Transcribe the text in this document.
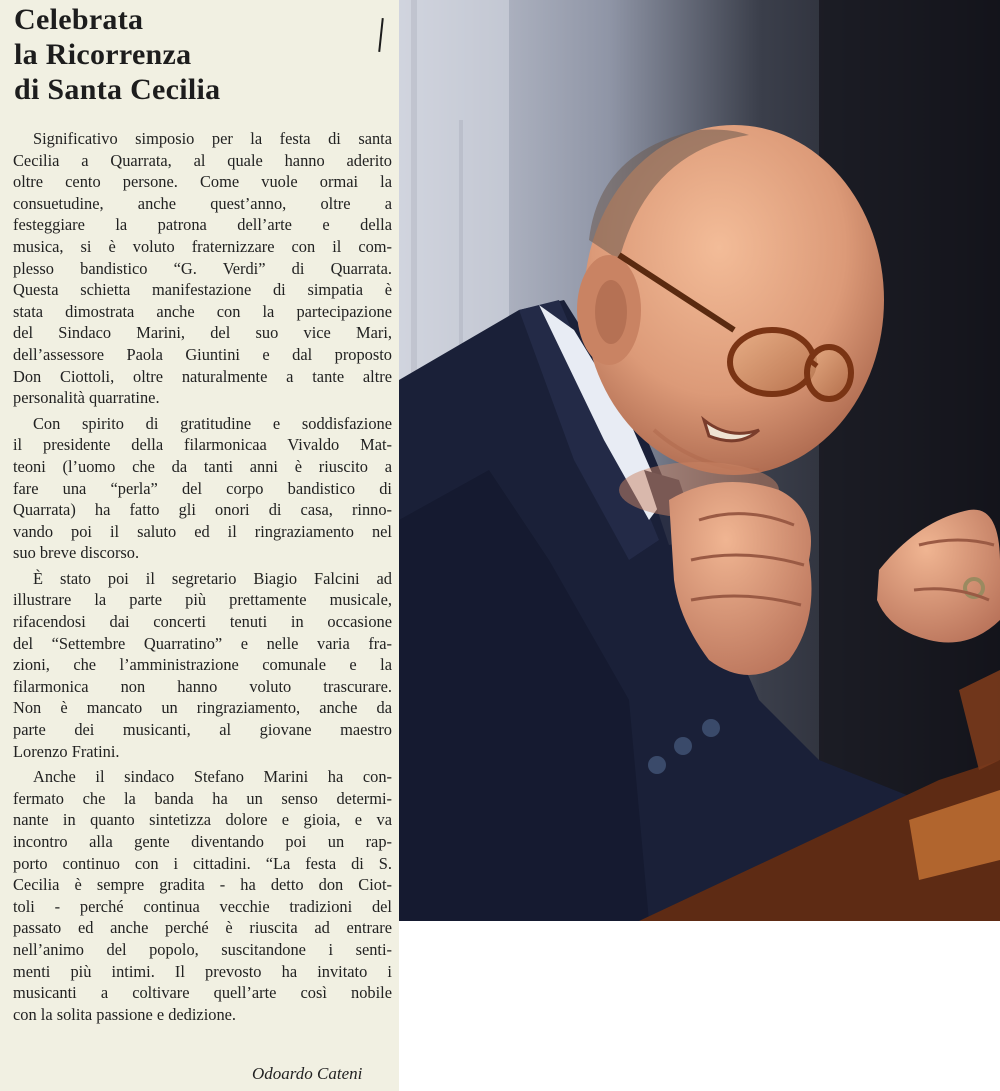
Celebrata
la Ricorrenza
di Santa Cecilia
Significativo simposio per la festa di santa
Cecilia a Quarrata, al quale hanno aderito
oltre cento persone. Come vuole ormai la
consuetudine, anche quest’anno, oltre a
festeggiare la patrona dell’arte e della
musica, si è voluto fraternizzare con il com-
plesso bandistico “G. Verdi” di Quarrata.
Questa schietta manifestazione di simpatia è
stata dimostrata anche con la partecipazione
del Sindaco Marini, del suo vice Mari,
dell’assessore Paola Giuntini e dal proposto
Don Ciottoli, oltre naturalmente a tante altre
personalità quarratine.
Con spirito di gratitudine e soddisfazione
il presidente della filarmonicaa Vivaldo Mat-
teoni (l’uomo che da tanti anni è riuscito a
fare una “perla” del corpo bandistico di
Quarrata) ha fatto gli onori di casa, rinno-
vando poi il saluto ed il ringraziamento nel
suo breve discorso.
È stato poi il segretario Biagio Falcini ad
illustrare la parte più prettamente musicale,
rifacendosi dai concerti tenuti in occasione
del “Settembre Quarratino” e nelle varia fra-
zioni, che l’amministrazione comunale e la
filarmonica non hanno voluto trascurare.
Non è mancato un ringraziamento, anche da
parte dei musicanti, al giovane maestro
Lorenzo Fratini.
Anche il sindaco Stefano Marini ha con-
fermato che la banda ha un senso determi-
nante in quanto sintetizza dolore e gioia, e va
incontro alla gente diventando poi un rap-
porto continuo con i cittadini. “La festa di S.
Cecilia è sempre gradita - ha detto don Ciot-
toli - perché continua vecchie tradizioni del
passato ed anche perché è riuscita ad entrare
nell’animo del popolo, suscitandone i senti-
menti più intimi. Il prevosto ha invitato i
musicanti a coltivare quell’arte così nobile
con la solita passione e dedizione.
Odoardo Cateni
